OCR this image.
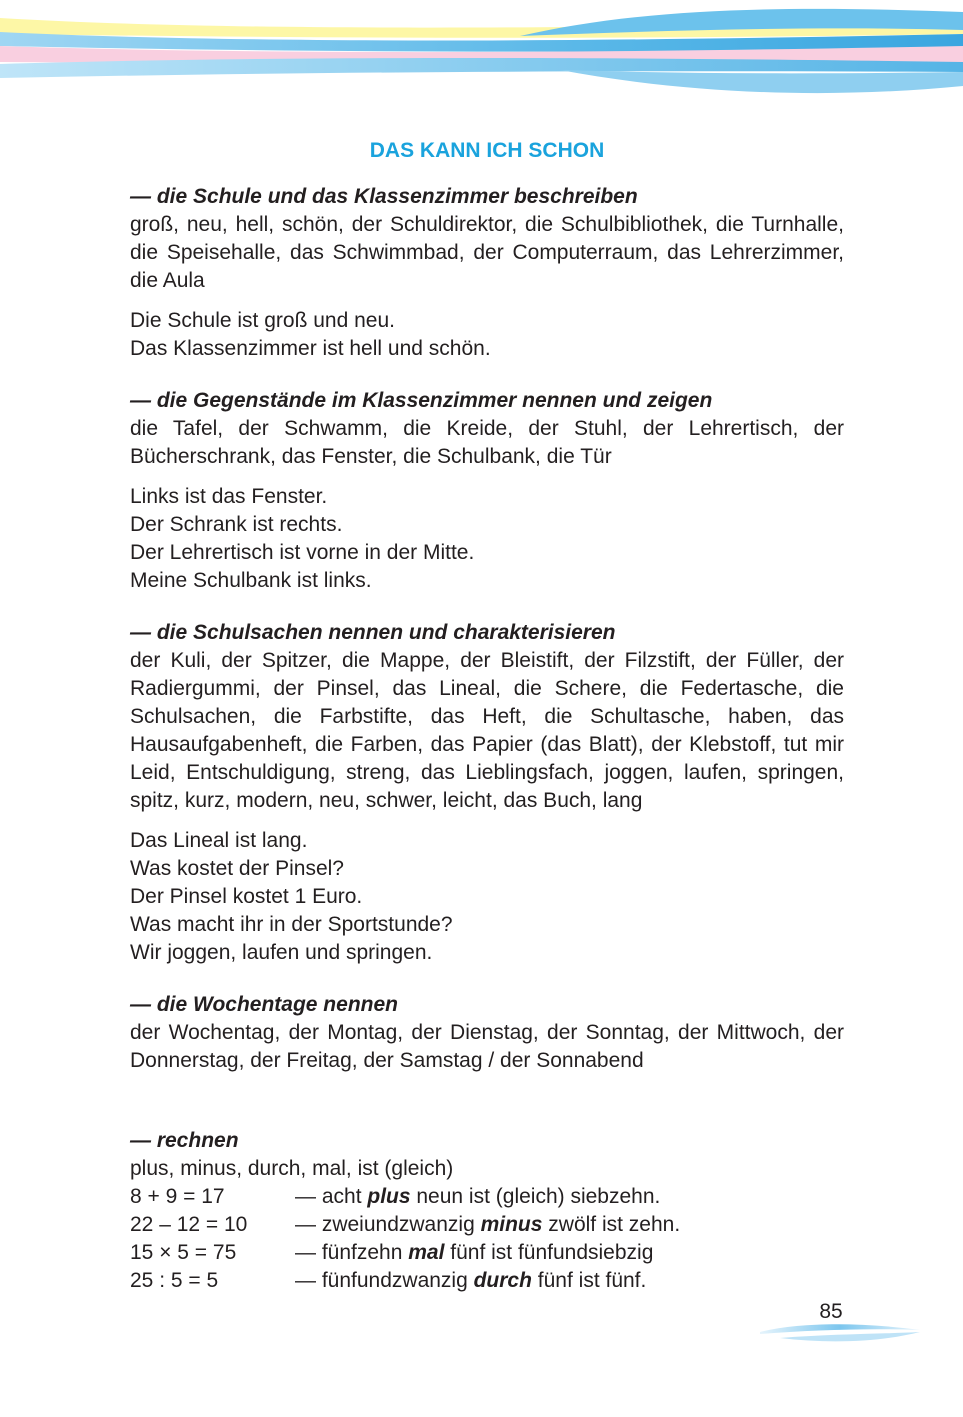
DAS KANN ICH SCHON

— die Schule und das Klassenzimmer beschreiben

groß, neu, hell, schön, der Schuldirektor, die Schulbibliothek, die Turnhalle, die Speisehalle, das Schwimmbad, der Computerraum, das Lehrerzimmer, die Aula

Die Schule ist groß und neu.
Das Klassenzimmer ist hell und schön.

— die Gegenstände im Klassenzimmer nennen und zeigen

die Tafel, der Schwamm, die Kreide, der Stuhl, der Lehrertisch, der Bücherschrank, das Fenster, die Schulbank, die Tür

Links ist das Fenster.
Der Schrank ist rechts.
Der Lehrertisch ist vorne in der Mitte.
Meine Schulbank ist links.

— die Schulsachen nennen und charakterisieren

der Kuli, der Spitzer, die Mappe, der Bleistift, der Filzstift, der Füller, der Radiergummi, der Pinsel, das Lineal, die Schere, die Federtasche, die Schulsachen, die Farbstifte, das Heft, die Schultasche, haben, das Hausaufgabenheft, die Farben, das Papier (das Blatt), der Klebstoff, tut mir Leid, Entschuldigung, streng, das Lieblingsfach, joggen, laufen, springen, spitz, kurz, modern, neu, schwer, leicht, das Buch, lang

Das Lineal ist lang.
Was kostet der Pinsel?
Der Pinsel kostet 1 Euro.
Was macht ihr in der Sportstunde?
Wir joggen, laufen und springen.

— die Wochentage nennen

der Wochentag, der Montag, der Dienstag, der Sonntag, der Mittwoch, der Donnerstag, der Freitag, der Samstag / der Sonnabend

— rechnen

plus, minus, durch, mal, ist (gleich)

8 + 9 = 17	— acht plus neun ist (gleich) siebzehn.
22 – 12 = 10	— zweiundzwanzig minus zwölf ist zehn.
15 × 5 = 75	— fünfzehn mal fünf ist fünfundsiebzig
25 : 5 = 5	— fünfundzwanzig durch fünf ist fünf.
85
